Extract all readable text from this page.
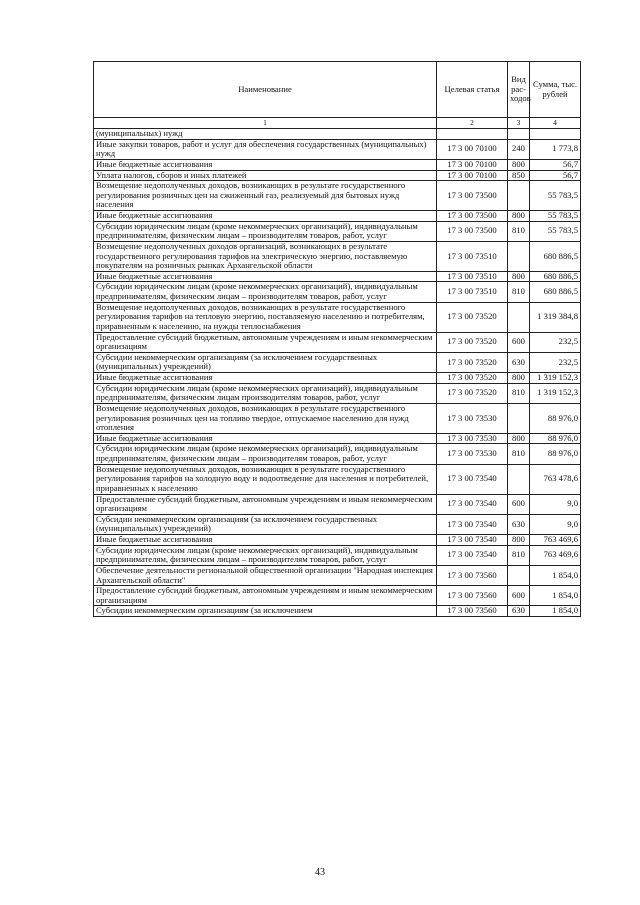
Наименование	Целевая статья	Вид рас-ходов	Сумма, тыс. рублей
1	2	3	4
(муниципальных) нужд			
Иные закупки товаров, работ и услуг для обеспечения государственных (муниципальных) нужд	17 3 00 70100	240	1 773,8
Иные бюджетные ассигнования	17 3 00 70100	800	56,7
Уплата налогов, сборов и иных платежей	17 3 00 70100	850	56,7
Возмещение недополученных доходов, возникающих в результате государственного регулирования розничных цен на сжиженный газ, реализуемый для бытовых нужд населения	17 3 00 73500		55 783,5
Иные бюджетные ассигнования	17 3 00 73500	800	55 783,5
Субсидии юридическим лицам (кроме некоммерческих организаций), индивидуальным предпринимателям, физическим лицам – производителям товаров, работ, услуг	17 3 00 73500	810	55 783,5
Возмещение недополученных доходов организаций, возникающих в результате государственного регулирования тарифов на электрическую энергию, поставляемую покупателям на розничных рынках Архангельской области	17 3 00 73510		680 886,5
Иные бюджетные ассигнования	17 3 00 73510	800	680 886,5
Субсидии юридическим лицам (кроме некоммерческих организаций), индивидуальным предпринимателям, физическим лицам – производителям товаров, работ, услуг	17 3 00 73510	810	680 886,5
Возмещение недополученных доходов, возникающих в результате государственного регулирования тарифов на тепловую энергию, поставляемую населению и потребителям, приравненным к населению, на нужды теплоснабжения	17 3 00 73520		1 319 384,8
Предоставление субсидий бюджетным, автономным учреждениям и иным некоммерческим организациям	17 3 00 73520	600	232,5
Субсидии некоммерческим организациям (за исключением государственных (муниципальных) учреждений)	17 3 00 73520	630	232,5
Иные бюджетные ассигнования	17 3 00 73520	800	1 319 152,3
Субсидии юридическим лицам (кроме некоммерческих организаций), индивидуальным предпринимателям, физическим лицам производителям товаров, работ, услуг	17 3 00 73520	810	1 319 152,3
Возмещение недополученных доходов, возникающих в результате государственного регулирования розничных цен на топливо твердое, отпускаемое населению для нужд отопления	17 3 00 73530		88 976,0
Иные бюджетные ассигнования	17 3 00 73530	800	88 976,0
Субсидии юридическим лицам (кроме некоммерческих организаций), индивидуальным предпринимателям, физическим лицам – производителям товаров, работ, услуг	17 3 00 73530	810	88 976,0
Возмещение недополученных доходов, возникающих в результате государственного регулирования тарифов на холодную воду и водоотведение для населения и потребителей, приравненных к населению	17 3 00 73540		763 478,6
Предоставление субсидий бюджетным, автономным учреждениям и иным некоммерческим организациям	17 3 00 73540	600	9,0
Субсидии некоммерческим организациям (за исключением государственных (муниципальных) учреждений)	17 3 00 73540	630	9,0
Иные бюджетные ассигнования	17 3 00 73540	800	763 469,6
Субсидии юридическим лицам (кроме некоммерческих организаций), индивидуальным предпринимателям, физическим лицам – производителям товаров, работ, услуг	17 3 00 73540	810	763 469,6
Обеспечение деятельности региональной общественной организации "Народная инспекция Архангельской области"	17 3 00 73560		1 854,0
Предоставление субсидий бюджетным, автономным учреждениям и иным некоммерческим организациям	17 3 00 73560	600	1 854,0
Субсидии некоммерческим организациям (за исключением	17 3 00 73560	630	1 854,0
43
